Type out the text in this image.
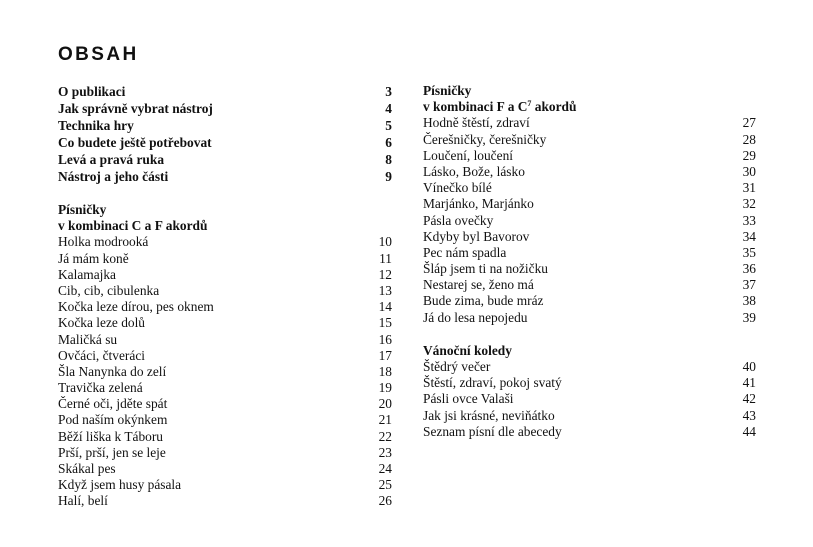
OBSAH
O publikaci	3
Jak správně vybrat nástroj	4
Technika hry	5
Co budete ještě potřebovat	6
Levá a pravá ruka	8
Nástroj a jeho části	9
Písničky
v kombinaci C a F akordů
Holka modrooká	10
Já mám koně	11
Kalamajka	12
Cib, cib, cibulenka	13
Kočka leze dírou, pes oknem	14
Kočka leze dolů	15
Maličká su	16
Ovčáci, čtveráci	17
Šla Nanynka do zelí	18
Travička zelená	19
Černé oči, jděte spát	20
Pod naším okýnkem	21
Běží liška k Táboru	22
Prší, prší, jen se leje	23
Skákal pes	24
Když jsem husy pásala	25
Halí, belí	26
Písničky
v kombinaci F a $C^7$ akordů
Hodně štěstí, zdraví	27
Čerešničky, čerešničky	28
Loučení, loučení	29
Lásko, Bože, lásko	30
Vínečko bílé	31
Marjánko, Marjánko	32
Pásla ovečky	33
Kdyby byl Bavorov	34
Pec nám spadla	35
Šláp jsem ti na nožičku	36
Nestarej se, ženo má	37
Bude zima, bude mráz	38
Já do lesa nepojedu	39
Vánoční koledy
Štědrý večer	40
Štěstí, zdraví, pokoj svatý	41
Pásli ovce Valaši	42
Jak jsi krásné, neviňátko	43
Seznam písní dle abecedy	44
